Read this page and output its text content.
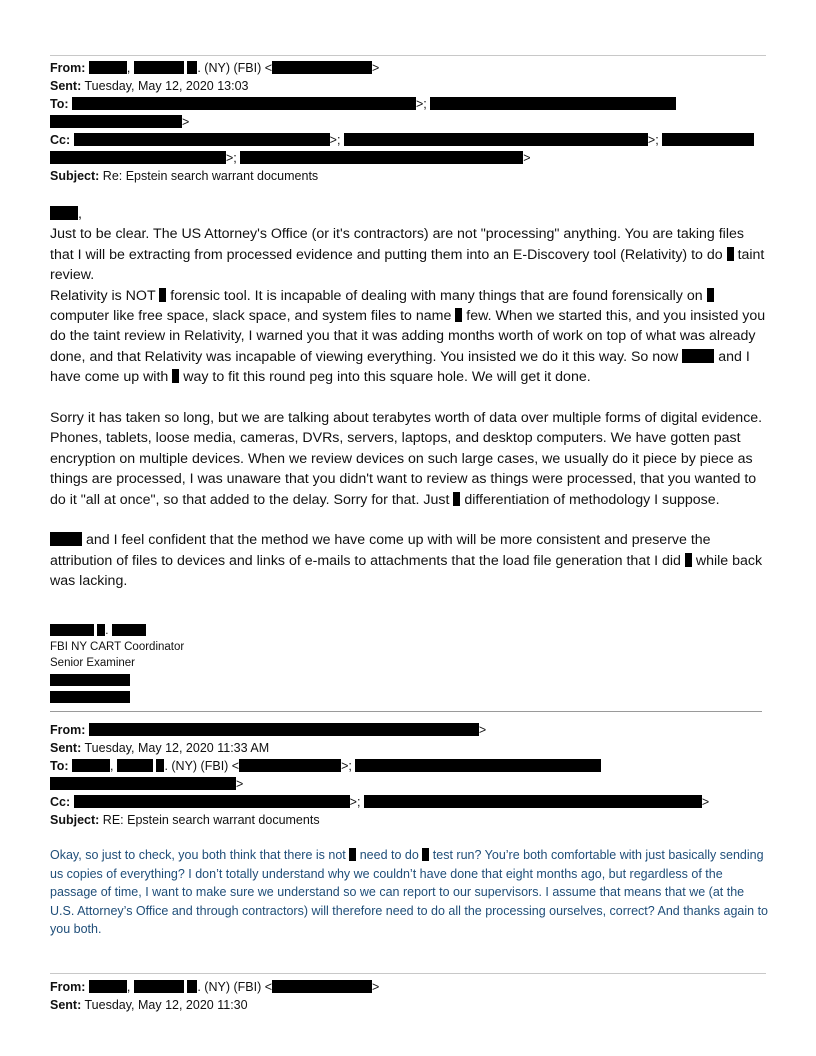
From:	,	. (NY) (FBI) <	>
Sent: Tuesday, May 12, 2020 13:03
To:	>;
>
Cc:	>;	>;
>;	>
Subject: Re: Epstein search warrant documents

,

Just to be clear. The US Attorney's Office (or it's contractors) are not "processing" anything. You are taking files that I will be extracting from processed evidence and putting them into an E-Discovery tool (Relativity) to do taint review.

Relativity is NOT forensic tool. It is incapable of dealing with many things that are found forensically on  computer like free space, slack space, and system files to name few. When we started this, and you insisted you do the taint review in Relativity, I warned you that it was adding months worth of work on top of what was already done, and that Relativity was incapable of viewing everything. You insisted we do it this way. So now	and I have come up with way to fit this round peg into this square hole. We will get it done.

Sorry it has taken so long, but we are talking about terabytes worth of data over multiple forms of digital evidence. Phones, tablets, loose media, cameras, DVRs, servers, laptops, and desktop computers. We have gotten past encryption on multiple devices. When we review devices on such large cases, we usually do it piece by piece as things are processed, I was unaware that you didn't want to review as things were processed, that you wanted to do it "all at once", so that added to the delay. Sorry for that. Just differentiation of methodology I suppose.

and I feel confident that the method we have come up with will be more consistent and preserve the attribution of files to devices and links of e-mails to attachments that the load file generation that I did while back was lacking.

.
FBI NY CART Coordinator
Senior Examiner
From:	>
Sent: Tuesday, May 12, 2020 11:33 AM
To:	,	. (NY) (FBI) <	>;
>
Cc:	>;	>
Subject: RE: Epstein search warrant documents

Okay, so just to check, you both think that there is not need to do test run? You’re both comfortable with just basically sending us copies of everything? I don’t totally understand why we couldn’t have done that eight months ago, but regardless of the passage of time, I want to make sure we understand so we can report to our supervisors. I assume that means that we (at the U.S. Attorney’s Office and through contractors) will therefore need to do all the processing ourselves, correct? And thanks again to you both.

From:	,	. (NY) (FBI) <	>
Sent: Tuesday, May 12, 2020 11:30
